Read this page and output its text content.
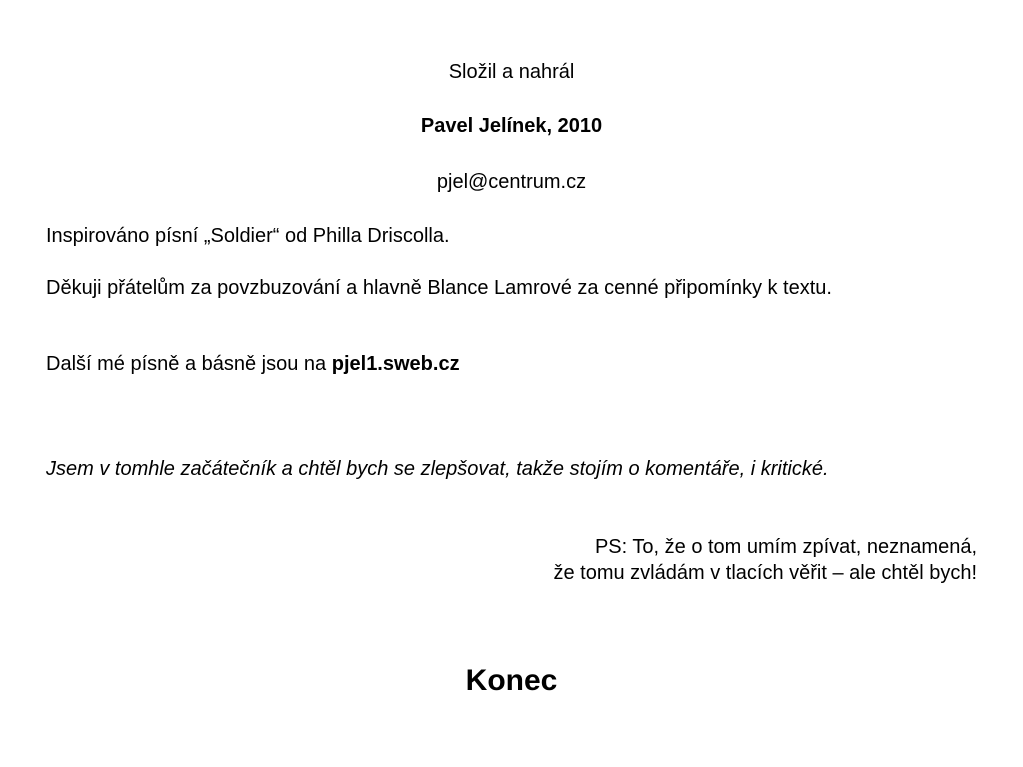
Složil a nahrál
Pavel Jelínek, 2010
pjel@centrum.cz
Inspirováno písní „Soldier“ od Philla Driscolla.
Děkuji přátelům za povzbuzování a hlavně Blance Lamrové za cenné připomínky k textu.
Další mé písně a básně jsou na pjel1.sweb.cz
Jsem v tomhle začátečník a chtěl bych se zlepšovat, takže stojím o komentáře, i kritické.
PS: To, že o tom umím zpívat, neznamená,
že tomu zvládám v tlacích věřit – ale chtěl bych!
Konec
